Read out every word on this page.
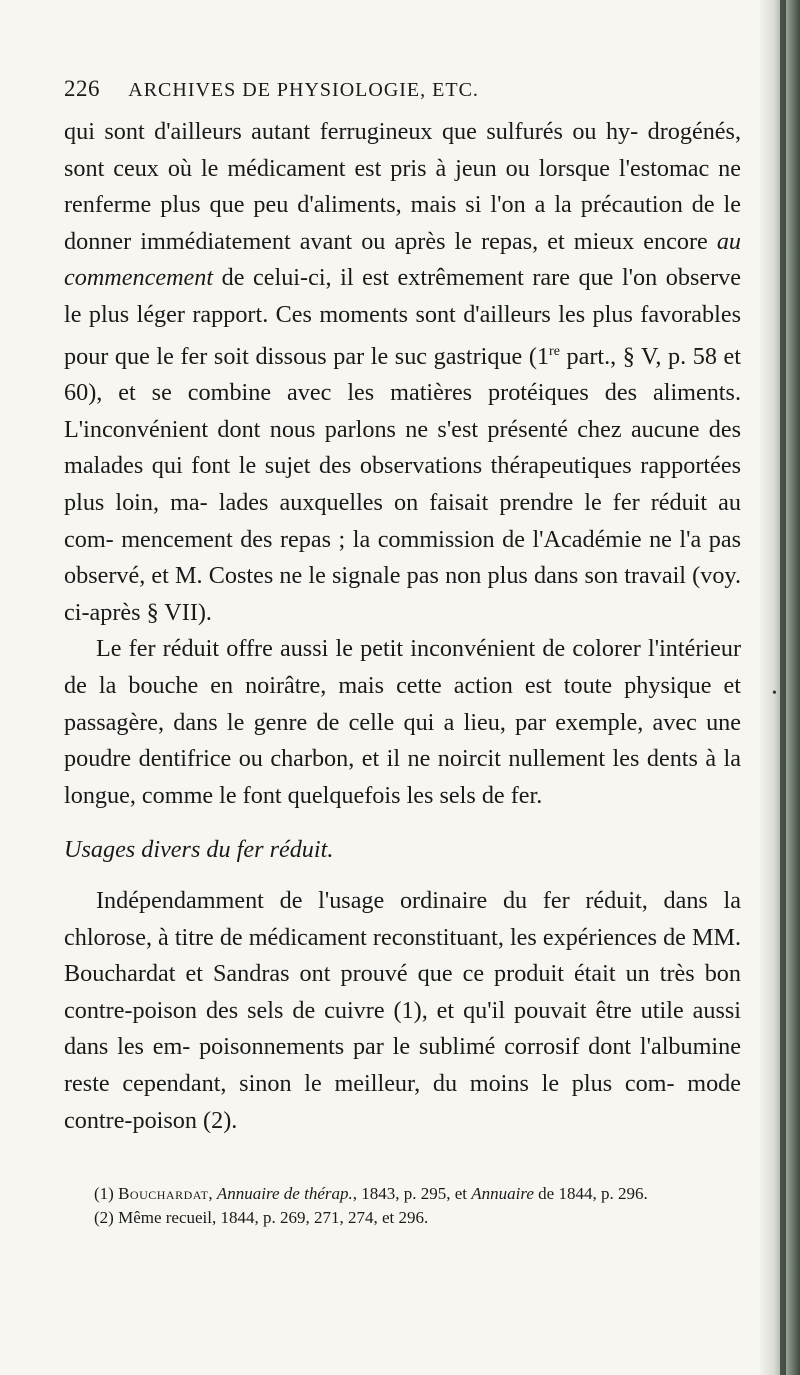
226 ARCHIVES DE PHYSIOLOGIE, ETC.

qui sont d'ailleurs autant ferrugineux que sulfurés ou hy- drogénés, sont ceux où le médicament est pris à jeun ou lorsque l'estomac ne renferme plus que peu d'aliments, mais si l'on a la précaution de le donner immédiatement avant ou après le repas, et mieux encore au commencement de celui-ci, il est extrêmement rare que l'on observe le plus léger rapport. Ces moments sont d'ailleurs les plus favorables pour que le fer soit dissous par le suc gastrique (1re part., § V, p. 58 et 60), et se combine avec les matières protéiques des aliments. L'inconvénient dont nous parlons ne s'est présenté chez aucune des malades qui font le sujet des observations thérapeutiques rapportées plus loin, ma- lades auxquelles on faisait prendre le fer réduit au com- mencement des repas ; la commission de l'Académie ne l'a pas observé, et M. Costes ne le signale pas non plus dans son travail (voy. ci-après § VII).

Le fer réduit offre aussi le petit inconvénient de colorer l'intérieur de la bouche en noirâtre, mais cette action est toute physique et passagère, dans le genre de celle qui a lieu, par exemple, avec une poudre dentifrice ou charbon, et il ne noircit nullement les dents à la longue, comme le font quelquefois les sels de fer.

Usages divers du fer réduit.

Indépendamment de l'usage ordinaire du fer réduit, dans la chlorose, à titre de médicament reconstituant, les expériences de MM. Bouchardat et Sandras ont prouvé que ce produit était un très bon contre-poison des sels de cuivre (1), et qu'il pouvait être utile aussi dans les em- poisonnements par le sublimé corrosif dont l'albumine reste cependant, sinon le meilleur, du moins le plus com- mode contre-poison (2).

(1) Bouchardat, Annuaire de thérap., 1843, p. 295, et Annuaire de 1844, p. 296.

(2) Même recueil, 1844, p. 269, 271, 274, et 296.

•
